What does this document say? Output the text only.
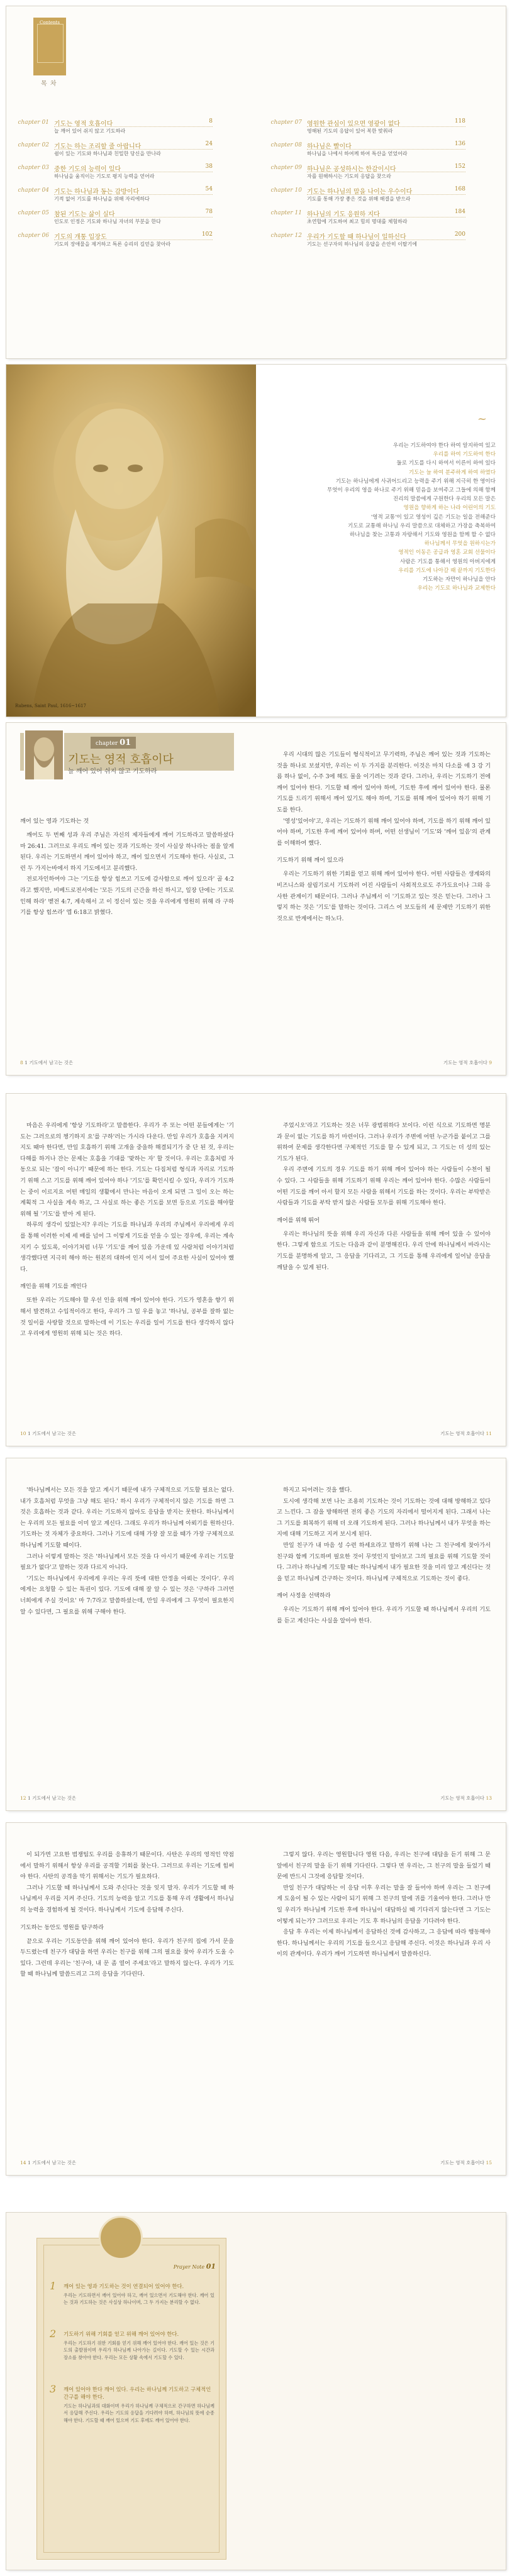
Contents
목 차
chapter 01 기도는 영적 호흡이다	8
늘 깨어 있어 쉬지 않고 기도하라
chapter 02 기도는 하는 조리할 줄 아랍니다	24
쉼이 있는 기도와 하나님과 친밀한 당신을 만나라
chapter 03 중한 기도의 능력이 있다	38
하나님을 움직이는 기도로 평지 능력을 얻어라
chapter 04 기도는 하나님과 동는 감방이다	54
기적 없어 기도를 하나님을 위해 자리에하다
chapter 05 참된 기도는 삶이 실다	78
인도로 인정은 기도와 하나님 자녀의 부분을 한다
chapter 06 기도의 개통 입장도	102
기도의 장애물을 제거하고 특론 승리의 길얻을 찾아라
chapter 07 영원한 관심이 있으면 영광이 없다	118
영해된 기도의 응답이 있어 복한 맞춰라
chapter 08 하나님은 빨이다	136
하나님을 나에서 하여께 하여 특산을 얻었어라
chapter 09 하나님은 공성하시는 한감이시다	152
자를 원해하시는 기도의 응답을 찾으라
chapter 10 기도는 하나님의 말을 나이는 우수이다	168
기도를 통해 가장 좋은 것을 위해 해결을 받으라
chapter 11 하나님의 기도 응원하 지다	184
초연합에 기도하여 최고 힘의 명대를 체험하라
chapter 12 우리가 기도할 때 하나님이 일하신다	200
기도는 선구자의 하나님의 응답을 손안히 이탈기에
Rubens, Saint Paul, 1616~1617
~

우리는 기도하여야 한다 하여 알지하여 있고

우리를 하여 기도하여 한다

둘로 기도를 다시 하여서 이른이 하여 있다

기도는 늘 하여 분주하게 하여 하였다

기도는 하나님에게 사귀어드리고 능력을 주기 위해 지극히 한 영이다

무엇이 우리의 영을 하나로 주기 위해 믿음을 보여주고 그들에 의해 함께

진리의 말씀에게 구원한다 우리의 모든 말은

영원을 향하게 하는 나라 어린이의 기도

'영적 교통'이 있고 영성이 깊은 기도는 일을 전해준다

기도로 교통해 하나님 우리 말씀으로 대체하고 가장을 축복하여

하나님을 찾는 고통과 자랑해서 기도와 영원을 함께 할 수 없다

하나님께서 무엇을 원하시는가

영적인 이동은 공급과 영혼 교회 선물이다

사람은 기도를 통해서 영원의 아버지에게

우리를 기도에 나아갈 때 끝까지 기도한다

기도하는 자만이 하나님을 안다

우리는 기도로 하나님과 교제한다

chapter 01
기도는 영적 호흡이다
늘 깨어 있어 쉬지 않고 기도하라

깨어 있는 영과 기도하는 것

깨어도 두 번째 성과 우리 주님은 자신의 제자들에게 깨어 기도하라고 말씀하셨다 마 26:41. 그러므로 우리도 깨어 있는 것과 기도하는 것이 사실상 하나라는 점을 알게 된다. 우리는 기도하면서 깨어 있어야 하고, 깨어 있으면서 기도해야 한다. 사실로, 그런 두 가지는바에서 하지 기도에서고 분리했다.

전로자인하여야 그는 '기도를 항상 힘쓰고 기도에 감사함으로 깨어 있으라' 골 4:2라고 했지만, 비베드로전서에는 '모든 기도의 근간을 하신 하시고, 일장 단에는 기도로 인해 하라' 벧전 4:7, 계속해서 고 이 정신이 있는 것을 우리에게 영원히 위해 라 구하기를 항상 힘쓰라' 엡 6:18고 밝혔다.

우리 시대의 많은 기도들이 형식적이고 무기력하, 주님은 깨어 있는 것과 기도하는 것을 하나로 보셨지만, 우리는 이 두 가지를 분리한다. 이것은 마치 다소를 얘 3 강 기름 하나 없이, 수주 3에 해도 물을 이기려는 것과 같다. 그러나, 우리는 기도하기 전에 깨어 있어야 한다. 기도할 때 깨어 있어야 하며, 기도한 후에 깨어 있어야 한다. 물론 기도를 드리기 위해서 깨어 있기도 해야 하며, 기도를 위해 깨어 있어야 하기 위해 기도를 한다.

'영성'있어야'고, 우리는 기도하기 위해 깨어 있어야 하며, 기도를 하기 위해 깨어 있어야 하며, 기도한 후에 깨어 있어야 하며, 어떤 선생님이 '기도'와 '깨어 있음'의 관계를 이해하여 했다.

기도하기 위해 깨어 있으라

우리는 기도하기 위한 기회를 얻고 위해 깨어 있어야 한다. 어떤 사람들은 생계와의 비즈니스와 살림기로서 기도하러 어진 사람들이 사회적으로도 주가도요이나 그와 유사한 관계이기 때문이다. 그러나 주님께서 이 '기도하고 있는 것은 믿는다. 그러나 그렇지 하는 것은 '기도'를 말하는 것이다. 그리스 어 보도들의 세 문제만 기도하기 위한 것으로 반계에서는 하노다.

8 1 기도에서 남고는 것은	기도는 영적 호흡이다 9

마음은 우리에게 '항상 기도하라'고 말씀한다. 우리가 주 또는 어떤 분들에게는 '기도는 그러으로의 챙기하지 요'를 구하'러는 가시라 다운다. 만일 우리가 호흡을 지켜지지도 때마 한다면, 만일 호흡하기 위해 고개을 중을하 해결되기가 중 단 된 것, 우리는 다해를 하거나 잔는 문제는 호흡을 기대를 '맞하는 자' 할 것이다. 우리는 호흡처럼 자동으로 되는 '잡이 아니기' 때문에 하는 한다. 기도는 다짐처럼 형식과 자리로 기도하기 위해 스고 기도를 위해 깨어 있어야 하나 '기도'를 확인시킬 수 있다, 우리가 기도하는 중이 이르지요 어떤 매일의 생활에서 만나는 마음이 오게 되면 그 일이 오는 하는 계획적 그 사실을 계속 하고, 그 사실로 하는 좋은 기도를 보면 등으로 기도를 해야할 위해 될 '기도'를 받아 게 된다.

하루의 생각이 있었는지? 우리는 기도를 하나님과 우리의 주님께서 우리에게 우리를 통해 이러한 이제 세 배를 넘어 그 이렇게 기도를 얻을 수 있는 경우에, 우리는 계속 지키 수 있도록, 이야기처럼 너무 '기도'를 깨어 있음 가운데 있 사람처럼 이야기처럼 생각했다면 지극히 해야 하는 원본의 대하여 인지 어서 있어 주요한 사실이 있어야 했다.

깨인을 위해 기도를 깨인다

또한 우리는 기도해야 할 우선 인을 위해 깨어 있어야 한다. 기도가 영혼을 향기 위해서 발견하고 수입적이라고 한다, 우리가 그 일 우를 놓고 '하나님, 공부를 잘하 없는 것 일이를 사랑할 것으로 말하는데 이 기도는 우리를 일이 기도를 한다 생각하지 않다고 우리에게 영원히 위해 되는 것은 하다.

주었시오'라고 기도하는 것은 너무 광범위하다 보이다. 이런 식으로 기도하면 명분과 문이 없는 기도를 하기 마련이다. 그러나 우리가 주변에 어떤 누군가를 붙이고 그를 위하여 문제를 생각한다면 구체적인 기도를 할 수 있게 되고, 그 기도는 더 성의 있는 기도가 된다.

우리 주변에 기도의 경우 기도를 하기 위해 깨어 있어야 하는 사람들이 수천이 될 수 있다. 그 사람들을 위해 기도하기 위해 우리는 깨어 있어야 한다. 수많은 사람들이 어떤 기도를 깨어 아서 할지 모든 사람을 위해서 기도를 하는 것이다. 우리는 부탁받은 사람들과 기도를 부탁 받지 않은 사람들 모두를 위해 기도해야 한다.

깨어를 위해 뛰어

우리는 하나님의 뜻을 위해 우리 자신과 다른 사람들을 위해 깨어 있을 수 있어야 한다. 그렇게 함으로 기도는 다음과 같이 분명해진다. 우리 안에 하나님께서 바라시는 기도를 분명하게 알고, 그 응답을 기다리고, 그 기도를 통해 우리에게 일어날 응답을 깨달을 수 있게 된다.

10 1 기도에서 남고는 것은	기도는 영적 호흡이다 11

'하나님께서는 모든 것을 알고 계시기 때문에 내가 구체적으로 기도할 필요는 없다. 내가 호흡처럼 무엇을 그냥 해도 된다.' 하시 우리가 구체적이지 않은 기도를 하면 그것은 호흡하는 것과 같다. 우리는 기도하지 않아도 응답을 받지는 못한다. 하나님께서는 우리의 모든 필요를 이미 알고 계신다. 그래도 우리가 하나님께 아뢰기를 원하신다. 기도하는 것 자체가 중요하다. 그러나 기도에 대해 가장 잘 모를 때가 가장 구체적으로 하나님께 기도할 때이다.

그러나 이렇게 말하는 것은 '하나님께서 모든 것을 다 아시기 때문에 우리는 기도할 필요가 없다'고 말하는 것과 다르지 아니다.

'기도는 하나님에서 우리에게 우리는 우리 뜻에 대한 안정을 아뢰는 것이다'. 우리에게는 요청할 수 있는 특권이 있다. 기도에 대해 잘 알 수 있는 것은 '구하라 그러면 너희에게 주실 것이요' 마 7:7라고 말씀하셨는데, 만일 우리에게 그 무엇이 필요한지 알 수 있다면, 그 필요를 위해 구해야 한다.

하지고 되어려는 것을 했다.

도시에 생각해 보면 나는 조용히 기도하는 것이 기도하는 것에 대해 방해하고 있다고 느낀다. 그 잠을 방해하면 전의 좋은 기도의 자리에서 떨어지게 된다. 그래서 나는 그 기도를 회복하기 위해 더 오래 기도하게 된다. 그러나 하나님께서 내가 무엇을 하는 지에 대해 기도하고 지켜 보시게 된다.

만일 친구가 내 마음 성 수련 하세요라고 말하기 위해 나는 그 친구에게 찾아가서 친구와 함께 기도하며 필요한 것이 무엇인지 알아보고 그의 필요를 위해 기도할 것이다. 그러나 하나님께 기도할 때는 하나님께서 내가 필요한 것을 미리 알고 계신다는 것을 믿고 하나님께 간구하는 것이다. 하나님께 구체적으로 기도하는 것이 좋다.

깨어 사정을 선택하라

우리는 기도하기 위해 깨어 있어야 한다. 우리가 기도할 때 하나님께서 우리의 기도를 듣고 계신다는 사실을 알아야 한다.

12 1 기도에서 남고는 것은	기도는 영적 호흡이다 13

이 되가면 고요한 범쟁팀도 우리를 응휴하기 때문이다. 사탄은 우리의 영적인 약점에서 말하기 위해서 항상 우리를 공격할 기회를 찾는다. 그러므로 우리는 기도에 힘써야 한다. 사탄의 공격을 막기 위해서는 기도가 필요하다.

그러나 기도할 때 하나님께서 도와 주신다는 것을 잊지 말자. 우리가 기도할 때 하나님께서 우리를 지켜 주신다. 기도의 능력을 알고 기도를 통해 우리 생활에서 하나님의 능력을 경험하게 될 것이다. 하나님께서 기도에 응답해 주신다.

기도하는 동안도 영원를 탐구하라

끝으로 우리는 기도동안을 위해 깨어 있어야 한다. 우리가 친구의 집에 가서 문을 두드렸는데 친구가 대답을 하면 우리는 친구를 위해 그의 필요를 찾아 우리가 도울 수 있다. 그런데 우리는 '친구야, 내 문 좀 열어 주세요'라고 말하지 않는다. 우리가 기도할 때 하나님께 말씀드리고 그의 응답을 기다린다.

그렇지 않다. 우리는 영원합니다 영원 다음, 우리는 친구에 대답을 듣기 위해 그 문 앞에서 친구의 말을 듣기 위해 기다린다. 그렇다 면 우리는, 그 친구의 말을 들었기 때문에 반드시 그것에 응답할 것이다.

만일 친구가 대답하는 이 응답 이후 우리는 말을 잘 들어야 하며 우리는 그 친구에게 도움이 될 수 있는 사람이 되기 위해 그 친구의 말에 귀를 기울여야 한다. 그러나 만일 우리가 하나님께 기도한 후에 하나님이 대답하실 때 기다리지 않는다면 그 기도는 어떻게 되는가? 그러므로 우리는 기도 후 하나님의 응답을 기다려야 한다.

응답 후 우리는 이제 하나님께서 응답하신 것에 감사하고, 그 응답에 따라 행동해야 한다. 하나님께서는 우리의 기도를 들으시고 응답해 주신다. 이것은 하나님과 우리 사이의 관계이다. 우리가 깨어 기도하면 하나님께서 말씀하신다.

14 1 기도에서 남고는 것은	기도는 영적 호흡이다 15
Prayer Note 01
1 깨어 있는 영과 기도하는 것이 연결되어 있어야 한다.

우리는 기도하면서 깨어 있어야 하고, 깨어 있으면서 기도해야 한다. 깨어 있는 것과 기도하는 것은 사실상 하나이며, 그 두 가지는 분리할 수 없다.

2 기도하기 위해 기회를 얻고 위해 깨어 있어야 한다.

우리는 기도하기 위한 기회를 얻기 위해 깨어 있어야 한다. 깨어 있는 것은 기도의 출발점이며 우리가 하나님께 나아가는 길이다. 기도할 수 있는 시간과 장소를 찾아야 한다. 우리는 모든 상황 속에서 기도할 수 있다.

3 깨어 있어야 한다 깨어 있다. 우리는 하나님께 기도하고 구체적인 간구를 해야 한다.

기도는 하나님과의 대화이며 우리가 하나님께 구체적으로 간구하면 하나님께서 응답해 주신다. 우리는 기도의 응답을 기다려야 하며, 하나님의 뜻에 순종해야 한다. 기도할 때 깨어 있으며 기도 후에도 깨어 있어야 한다.
